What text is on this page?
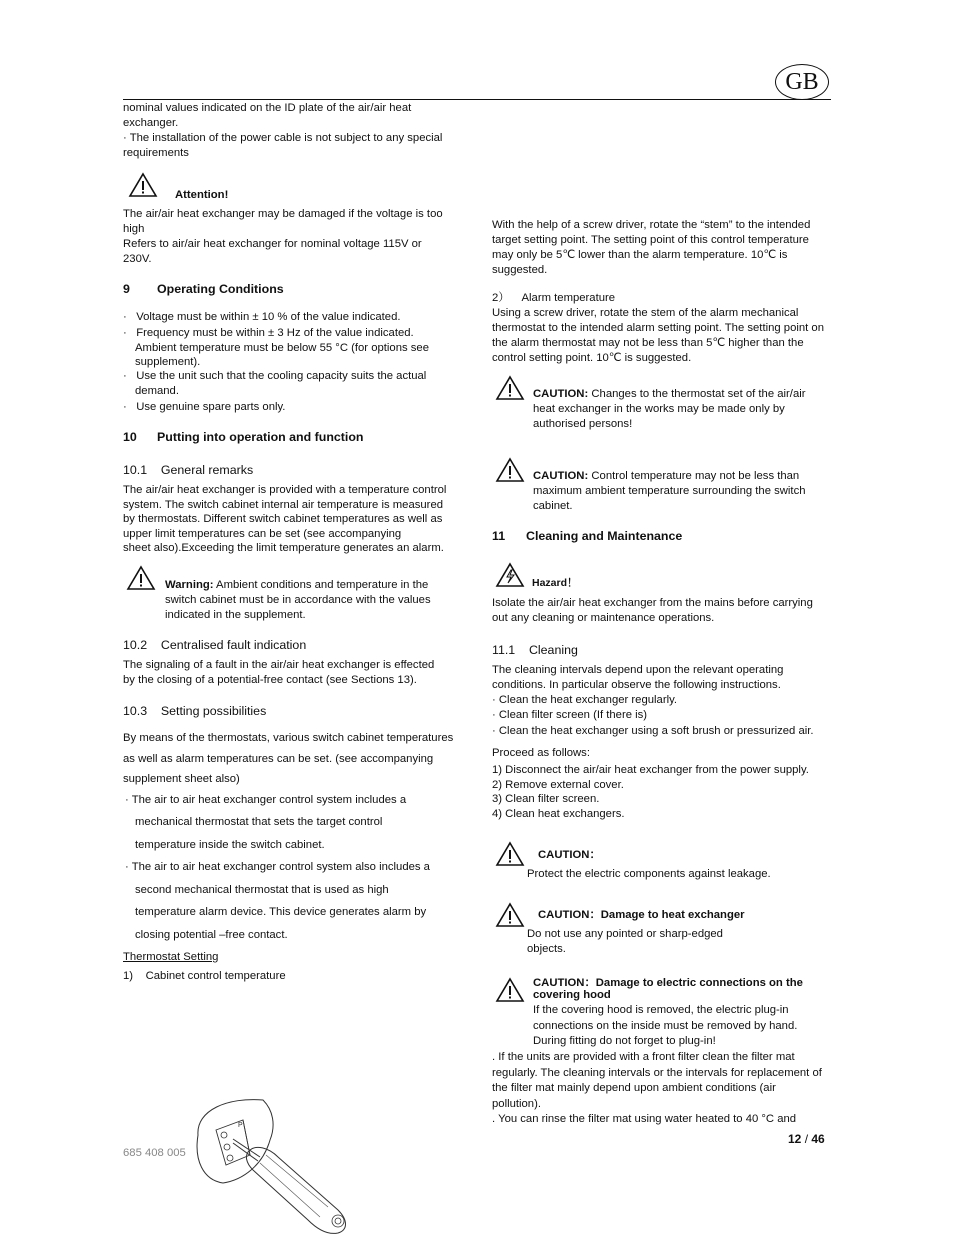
GB
nominal values indicated on the ID plate of the air/air heat
exchanger.
· The installation of the power cable is not subject to any special
requirements
Attention!
The air/air heat exchanger may be damaged if the voltage is too
high
Refers to air/air heat exchanger for nominal voltage 115V or
230V.
9 Operating Conditions
·   Voltage must be within ± 10 % of the value indicated.
·   Frequency must be within ± 3 Hz of the value indicated.
Ambient temperature must be below 55 °C (for options see
supplement).
·   Use the unit such that the cooling capacity suits the actual
demand.
·   Use genuine spare parts only.
10 Putting into operation and function
10.1    General remarks
The air/air heat exchanger is provided with a temperature control
system. The switch cabinet internal air temperature is measured
by thermostats. Different switch cabinet temperatures as well as
upper limit temperatures can be set (see accompanying
sheet also).Exceeding the limit temperature generates an alarm.
Warning: Ambient conditions and temperature in the
switch cabinet must be in accordance with the values
indicated in the supplement.
10.2    Centralised fault indication
The signaling of a fault in the air/air heat exchanger is effected
by the closing of a potential-free contact (see Sections 13).
10.3    Setting possibilities
By means of the thermostats, various switch cabinet temperatures
as well as alarm temperatures can be set. (see accompanying
supplement sheet also)
· The air to air heat exchanger control system includes a
mechanical thermostat that sets the target control
temperature inside the switch cabinet.
· The air to air heat exchanger control system also includes a
second mechanical thermostat that is used as high
temperature alarm device. This device generates alarm by
closing potential –free contact.
Thermostat Setting
1)    Cabinet control temperature
P
With the help of a screw driver, rotate the “stem” to the intended
target setting point. The setting point of this control temperature
may only be 5℃ lower than the alarm temperature. 10℃ is
suggested.
2）    Alarm temperature
Using a screw driver, rotate the stem of the alarm mechanical
thermostat to the intended alarm setting point. The setting point on
the alarm thermostat may not be less than 5℃ higher than the
control setting point. 10℃ is suggested.
CAUTION: Changes to the thermostat set of the air/air
heat exchanger in the works may be made only by
authorised persons!
CAUTION: Control temperature may not be less than
maximum ambient temperature surrounding the switch
cabinet.
11 Cleaning and Maintenance
Hazard！
Isolate the air/air heat exchanger from the mains before carrying
out any cleaning or maintenance operations.
11.1    Cleaning
The cleaning intervals depend upon the relevant operating
conditions. In particular observe the following instructions.
· Clean the heat exchanger regularly.
· Clean filter screen (If there is)
· Clean the heat exchanger using a soft brush or pressurized air.
Proceed as follows:
1) Disconnect the air/air heat exchanger from the power supply.
2) Remove external cover.
3) Clean filter screen.
4) Clean heat exchangers.
CAUTION：
Protect the electric components against leakage.
CAUTION：Damage to heat exchanger
Do not use any pointed or sharp-edged
objects.
CAUTION：Damage to electric connections on the
covering hood
If the covering hood is removed, the electric plug-in
connections on the inside must be removed by hand.
During fitting do not forget to plug-in!
. If the units are provided with a front filter clean the filter mat
regularly. The cleaning intervals or the intervals for replacement of
the filter mat mainly depend upon ambient conditions (air
pollution).
. You can rinse the filter mat using water heated to 40 °C and
685 408 005
12 / 46
